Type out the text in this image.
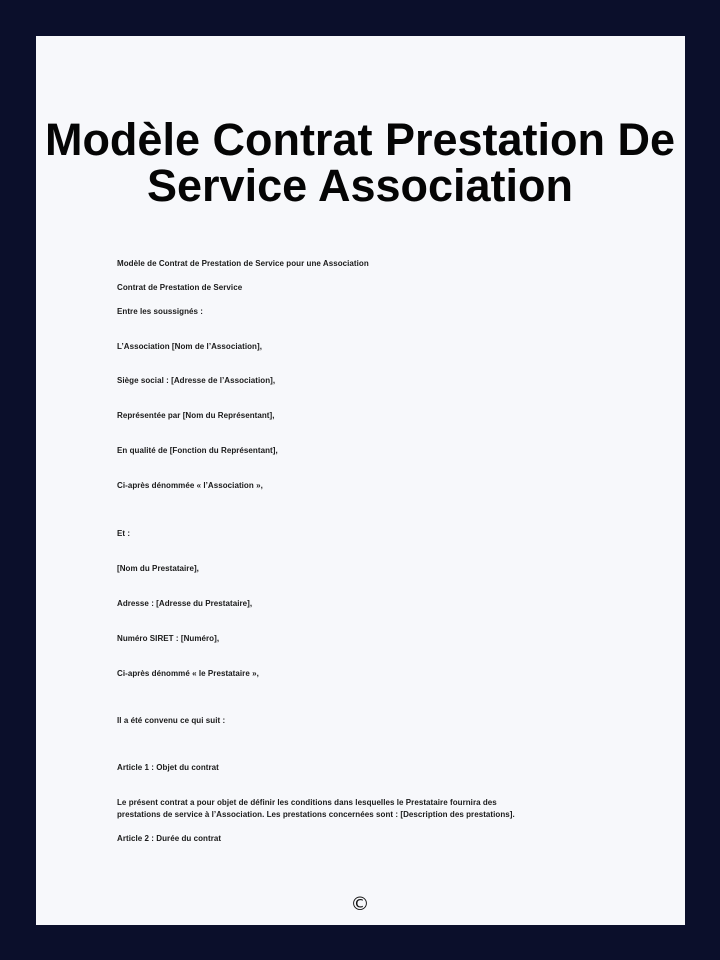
Modèle Contrat Prestation De
Service Association
Modèle de Contrat de Prestation de Service pour une Association
Contrat de Prestation de Service
Entre les soussignés :
L’Association [Nom de l’Association],
Siège social : [Adresse de l’Association],
Représentée par [Nom du Représentant],
En qualité de [Fonction du Représentant],
Ci-après dénommée « l’Association »,
Et :
[Nom du Prestataire],
Adresse : [Adresse du Prestataire],
Numéro SIRET : [Numéro],
Ci-après dénommé « le Prestataire »,
Il a été convenu ce qui suit :
Article 1 : Objet du contrat
Le présent contrat a pour objet de définir les conditions dans lesquelles le Prestataire fournira des
prestations de service à l’Association. Les prestations concernées sont : [Description des prestations].
Article 2 : Durée du contrat
©
